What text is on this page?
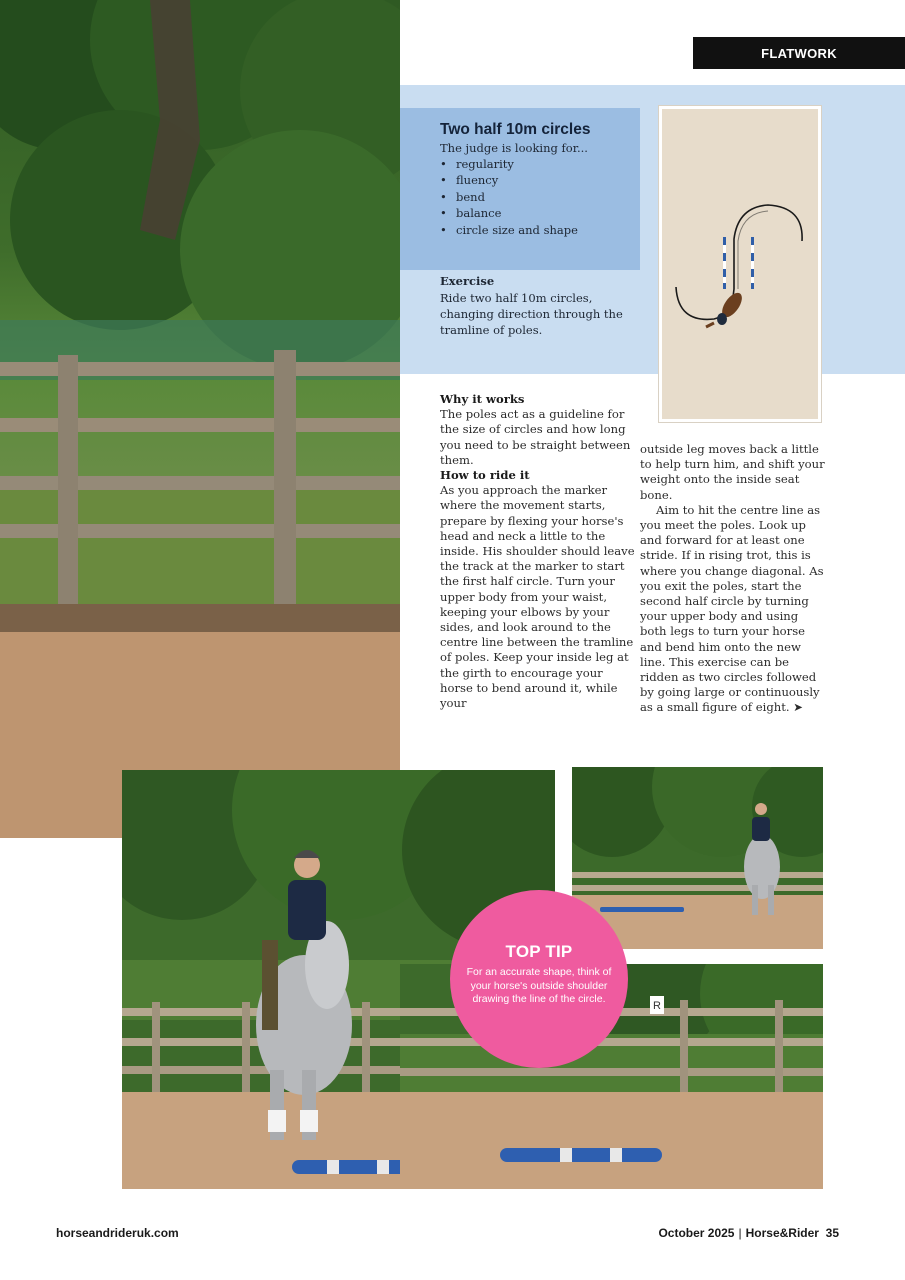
FLATWORK
Two half 10m circles
The judge is looking for...
• regularity
• fluency
• bend
• balance
• circle size and shape
Exercise
Ride two half 10m circles, changing direction through the tramline of poles.

Why it works

The poles act as a guideline for the size of circles and how long you need to be straight between them.

How to ride it

As you approach the marker where the movement starts, prepare by flexing your horse's head and neck a little to the inside. His shoulder should leave the track at the marker to start the first half circle. Turn your upper body from your waist, keeping your elbows by your sides, and look around to the centre line between the tramline of poles. Keep your inside leg at the girth to encourage your horse to bend around it, while your

outside leg moves back a little to help turn him, and shift your weight onto the inside seat bone.

Aim to hit the centre line as you meet the poles. Look up and forward for at least one stride. If in rising trot, this is where you change diagonal. As you exit the poles, start the second half circle by turning your upper body and using both legs to turn your horse and bend him onto the new line. This exercise can be ridden as two circles followed by going large or continuously as a small figure of eight. ➤

R
TOP TIP
For an accurate shape, think of your horse's outside shoulder drawing the line of the circle.
horseandrideruk.com	October 2025 | Horse&Rider 35
